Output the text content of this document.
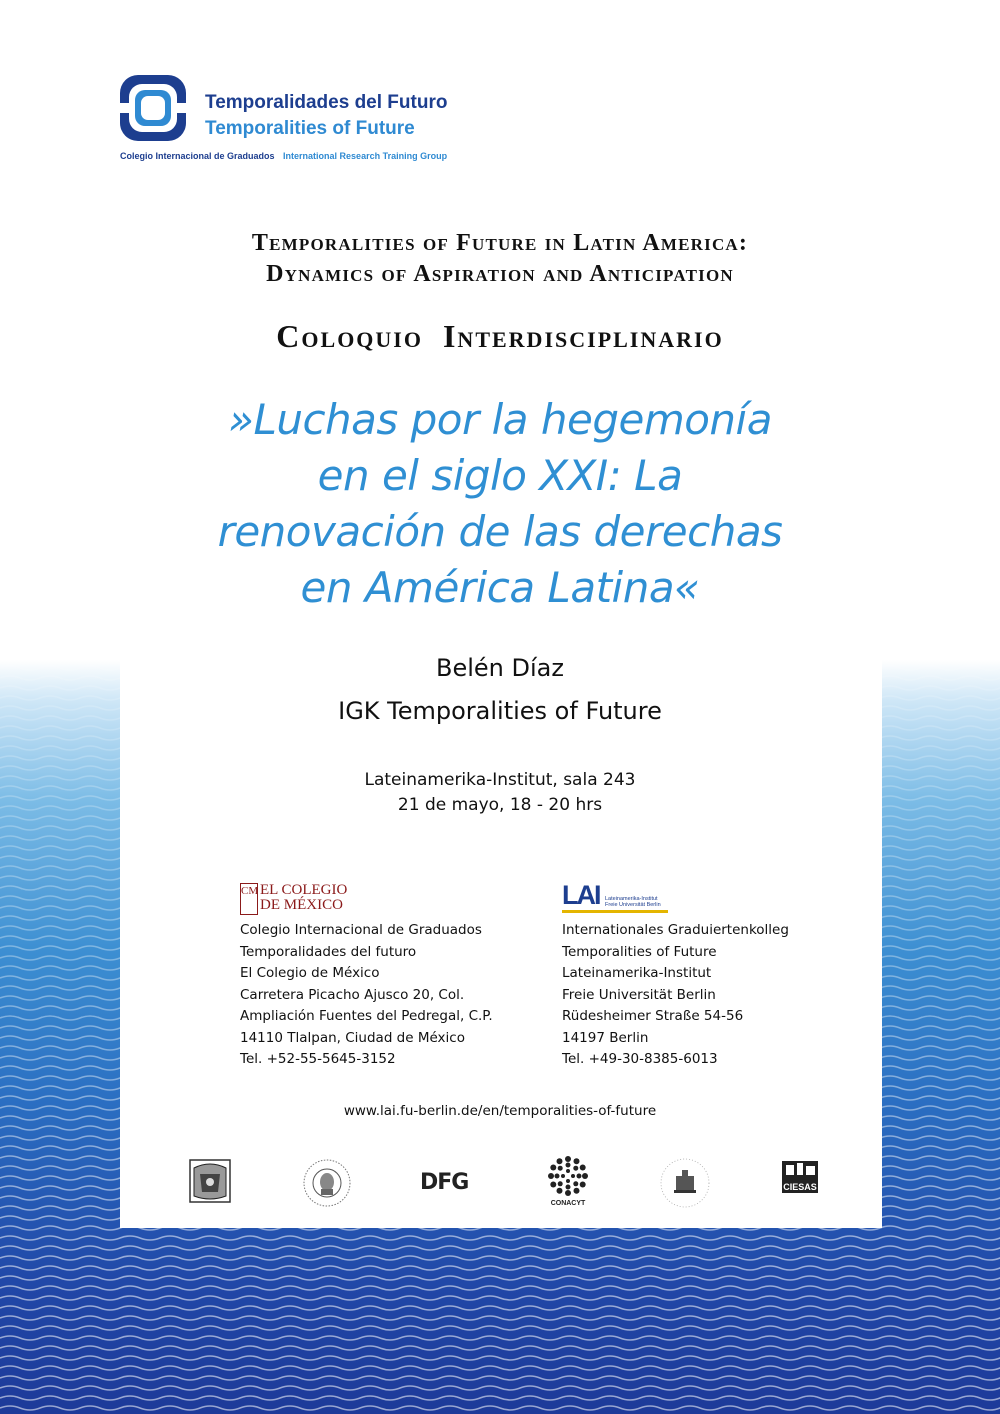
Temporalidades del Futuro
Temporalities of Future
Colegio Internacional de Graduados International Research Training Group
Temporalities of Future in Latin America:
Dynamics of Aspiration and Anticipation
Coloquio Interdisciplinario
»Luchas por la hegemonía
en el siglo XXI: La
renovación de las derechas
en América Latina«
Belén Díaz
IGK Temporalities of Future
Lateinamerika-Institut, sala 243
21 de mayo, 18 - 20 hrs
CM EL COLEGIO
DE MÉXICO	LAI Lateinamerika-Institut
Freie Universität Berlin
Colegio Internacional de Graduados
Temporalidades del futuro
El Colegio de México
Carretera Picacho Ajusco 20, Col.
Ampliación Fuentes del Pedregal, C.P.
14110 Tlalpan, Ciudad de México
Tel. +52-55-5645-3152
Internationales Graduiertenkolleg
Temporalities of Future
Lateinamerika-Institut
Freie Universität Berlin
Rüdesheimer Straße 54-56
14197 Berlin
Tel. +49-30-8385-6013
www.lai.fu-berlin.de/en/temporalities-of-future
DFG
CONACYT
CIESAS
